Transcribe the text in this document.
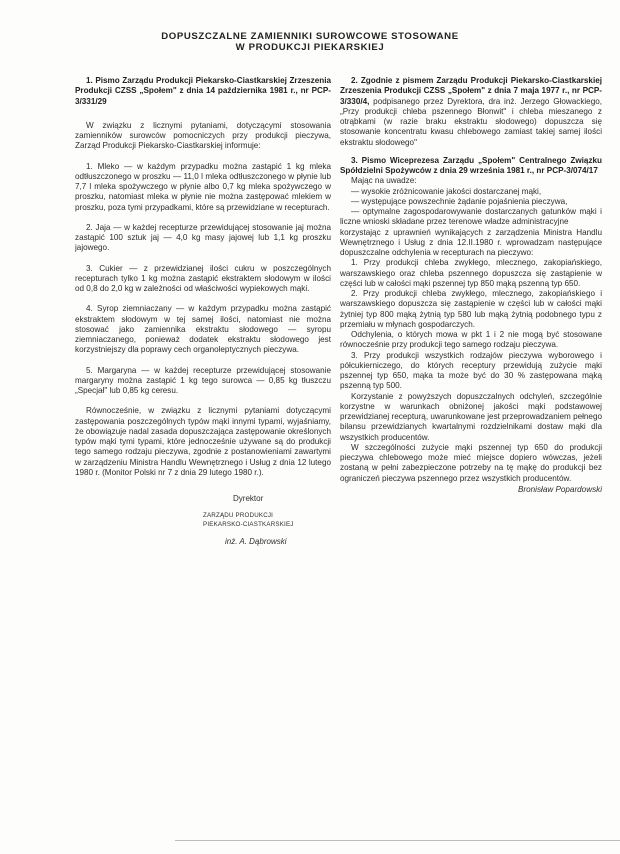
DOPUSZCZALNE ZAMIENNIKI SUROWCOWE STOSOWANE
W PRODUKCJI PIEKARSKIEJ

1. Pismo Zarządu Produkcji Piekarsko-Ciastkarskiej Zrzeszenia Produkcji CZSS „Społem" z dnia 14 października 1981 r., nr PCP-3/331/29

W związku z licznymi pytaniami, dotyczącymi stosowania zamienników surowców pomocniczych przy produkcji pieczywa, Zarząd Produkcji Piekarsko-Ciastkarskiej informuje:

1. Mleko — w każdym przypadku można zastąpić 1 kg mleka odtłuszczonego w proszku — 11,0 l mleka odtłuszczonego w płynie lub 7,7 l mleka spożywczego w płynie albo 0,7 kg mleka spożywczego w proszku, natomiast mleka w płynie nie można zastępować mlekiem w proszku, poza tymi przypadkami, które są przewidziane w recepturach.

2. Jaja — w każdej recepturze przewidującej stosowanie jaj można zastąpić 100 sztuk jaj — 4,0 kg masy jajowej lub 1,1 kg proszku jajowego.

3. Cukier — z przewidzianej ilości cukru w poszczególnych recepturach tylko 1 kg można zastąpić ekstraktem słodowym w ilości od 0,8 do 2,0 kg w zależności od właściwości wypiekowych mąki.

4. Syrop ziemniaczany — w każdym przypadku można zastąpić ekstraktem słodowym w tej samej ilości, natomiast nie można stosować jako zamiennika ekstraktu słodowego — syropu ziemniaczanego, ponieważ dodatek ekstraktu słodowego jest korzystniejszy dla poprawy cech organoleptycznych pieczywa.

5. Margaryna — w każdej recepturze przewidującej stosowanie margaryny można zastąpić 1 kg tego surowca — 0,85 kg tłuszczu „Specjał" lub 0,85 kg ceresu.

Równocześnie, w związku z licznymi pytaniami dotyczącymi zastępowania poszczególnych typów mąki innymi typami, wyjaśniamy, że obowiązuje nadal zasada dopuszczająca zastępowanie określonych typów mąki tymi typami, które jednocześnie używane są do produkcji tego samego rodzaju pieczywa, zgodnie z postanowieniami zawartymi w zarządzeniu Ministra Handlu Wewnętrznego i Usług z dnia 12 lutego 1980 r. (Monitor Polski nr 7 z dnia 29 lutego 1980 r.).

Dyrektor
ZARZĄDU PRODUKCJI
PIEKARSKO-CIASTKARSKIEJ
inż. A. Dąbrowski

2. Zgodnie z pismem Zarządu Produkcji Piekarsko-Ciastkarskiej Zrzeszenia Produkcji CZSS „Społem" z dnia 7 maja 1977 r., nr PCP-3/330/4, podpisanego przez Dyrektora, dra inż. Jerzego Głowackiego, „Przy produkcji chleba pszennego Błonwit" i chleba mieszanego z otrąbkami (w razie braku ekstraktu słodowego) dopuszcza się stosowanie koncentratu kwasu chlebowego zamiast takiej samej ilości ekstraktu słodowego"

3. Pismo Wiceprezesa Zarządu „Społem" Centralnego Związku Spółdzielni Spożywców z dnia 29 września 1981 r., nr PCP-3/074/17

Mając na uwadze:

— wysokie zróżnicowanie jakości dostarczanej mąki,

— występujące powszechnie żądanie pojaśnienia pieczywa,

— optymalne zagospodarowywanie dostarczanych gatunków mąki i liczne wnioski składane przez terenowe władze administracyjne

korzystając z uprawnień wynikających z zarządzenia Ministra Handlu Wewnętrznego i Usług z dnia 12.II.1980 r. wprowadzam następujące dopuszczalne odchylenia w recepturach na pieczywo:

1. Przy produkcji chleba zwykłego, mlecznego, zakopiańskiego, warszawskiego oraz chleba pszennego dopuszcza się zastąpienie w części lub w całości mąki pszennej typ 850 mąką pszenną typ 650.

2. Przy produkcji chleba zwykłego, mlecznego, zakopiańskiego i warszawskiego dopuszcza się zastąpienie w części lub w całości mąki żytniej typ 800 mąką żytnią typ 580 lub mąką żytnią podobnego typu z przemiału w młynach gospodarczych.

Odchylenia, o których mowa w pkt 1 i 2 nie mogą być stosowane równocześnie przy produkcji tego samego rodzaju pieczywa.

3. Przy produkcji wszystkich rodzajów pieczywa wyborowego i półcukierniczego, do których receptury przewidują zużycie mąki pszennej typ 650, mąka ta może być do 30 % zastępowana mąką pszenną typ 500.

Korzystanie z powyższych dopuszczalnych odchyleń, szczególnie korzystne w warunkach obniżonej jakości mąki podstawowej przewidzianej recepturą, uwarunkowane jest przeprowadzaniem pełnego bilansu przewidzianych kwartalnymi rozdzielnikami dostaw mąki dla wszystkich producentów.

W szczególności zużycie mąki pszennej typ 650 do produkcji pieczywa chlebowego może mieć miejsce dopiero wówczas, jeżeli zostaną w pełni zabezpieczone potrzeby na tę mąkę do produkcji bez ograniczeń pieczywa pszennego przez wszystkich producentów.

Bronisław Popardowski
